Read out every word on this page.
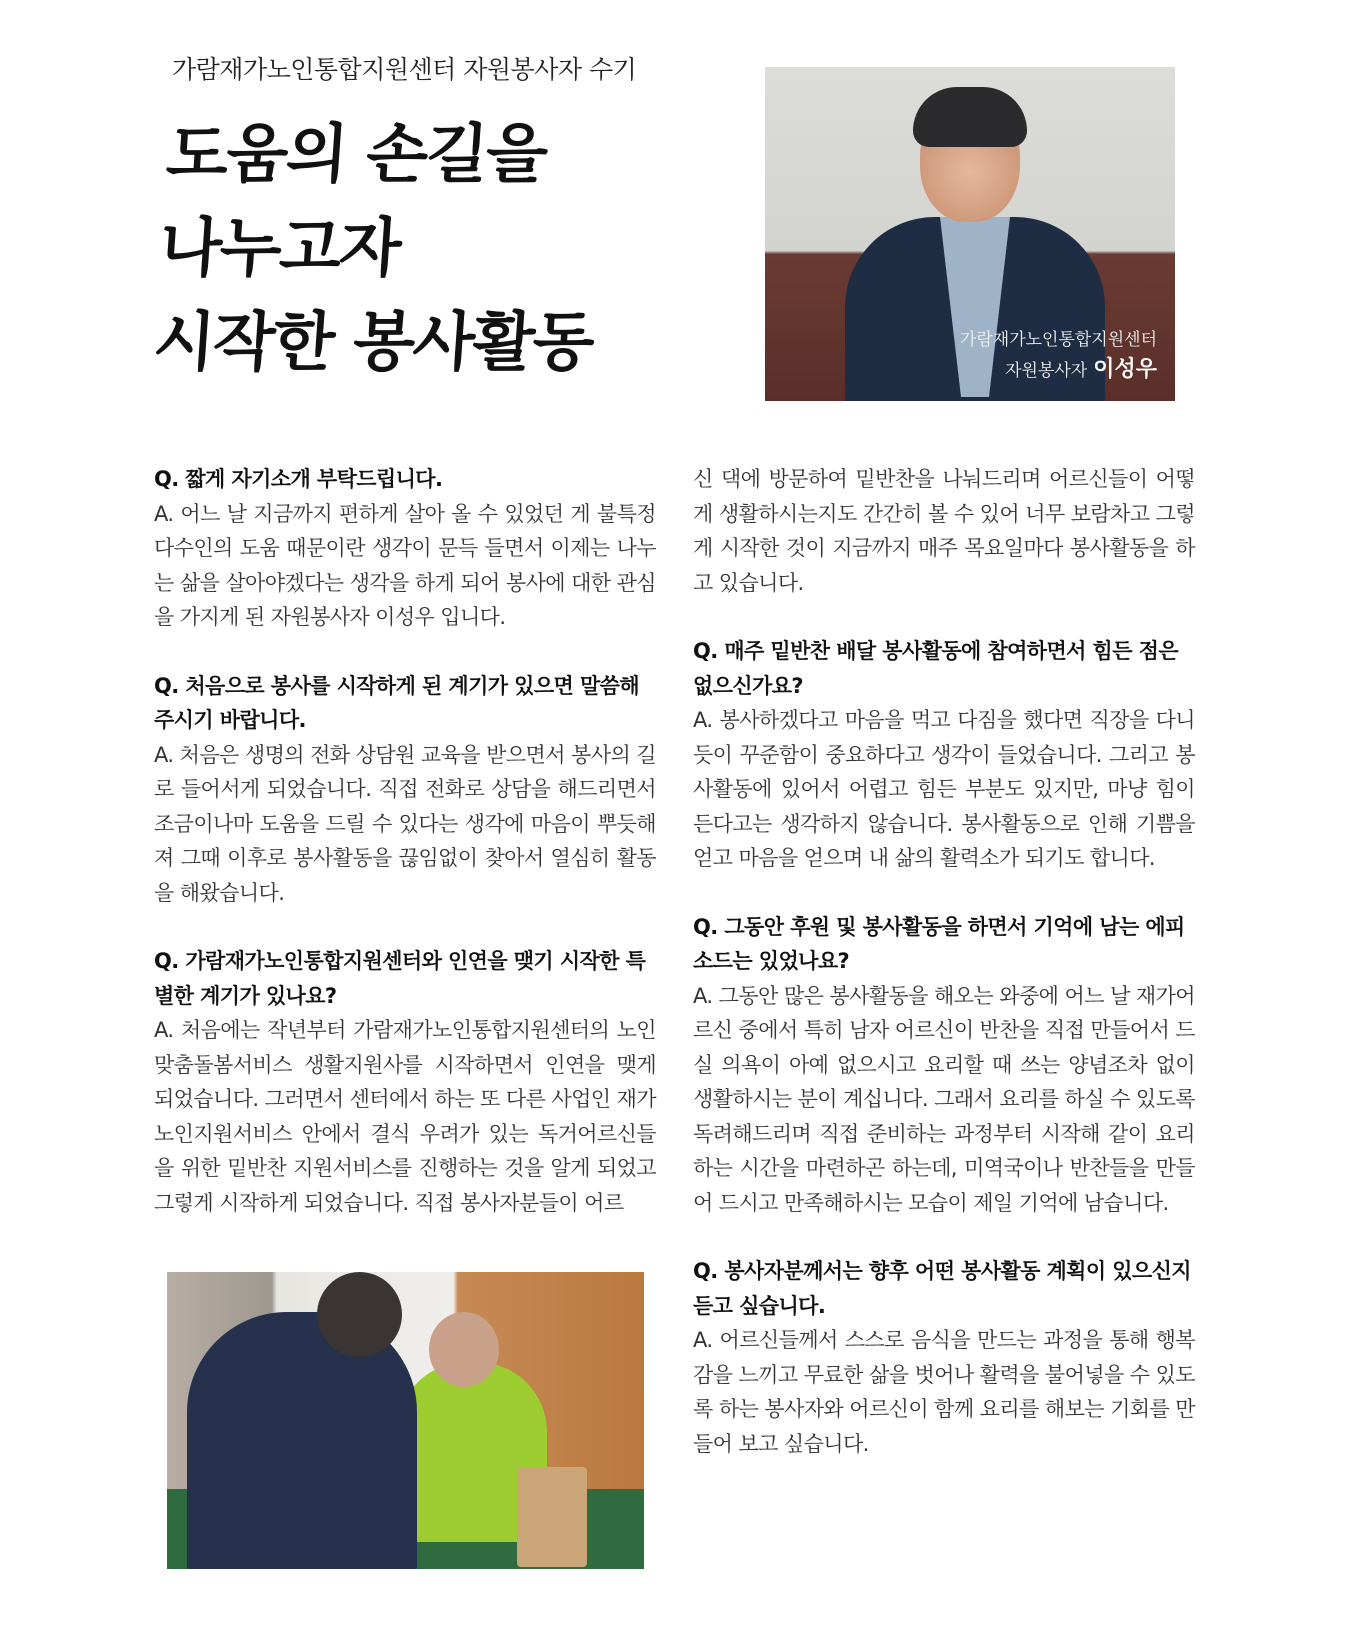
가람재가노인통합지원센터 자원봉사자 수기
도움의 손길을
나누고자
시작한 봉사활동	가람재가노인통합지원센터
자원봉사자 이성우
Q. 짧게 자기소개 부탁드립니다.
A. 어느 날 지금까지 편하게 살아 올 수 있었던 게 불특정 다수인의 도움 때문이란 생각이 문득 들면서 이제는 나누는 삶을 살아야겠다는 생각을 하게 되어 봉사에 대한 관심을 가지게 된 자원봉사자 이성우 입니다.
Q. 처음으로 봉사를 시작하게 된 계기가 있으면 말씀해주시기 바랍니다.
A. 처음은 생명의 전화 상담원 교육을 받으면서 봉사의 길로 들어서게 되었습니다. 직접 전화로 상담을 해드리면서 조금이나마 도움을 드릴 수 있다는 생각에 마음이 뿌듯해져 그때 이후로 봉사활동을 끊임없이 찾아서 열심히 활동을 해왔습니다.
Q. 가람재가노인통합지원센터와 인연을 맺기 시작한 특별한 계기가 있나요?
A. 처음에는 작년부터 가람재가노인통합지원센터의 노인맞춤돌봄서비스 생활지원사를 시작하면서 인연을 맺게 되었습니다. 그러면서 센터에서 하는 또 다른 사업인 재가노인지원서비스 안에서 결식 우려가 있는 독거어르신들을 위한 밑반찬 지원서비스를 진행하는 것을 알게 되었고 그렇게 시작하게 되었습니다. 직접 봉사자분들이 어르
신 댁에 방문하여 밑반찬을 나눠드리며 어르신들이 어떻게 생활하시는지도 간간히 볼 수 있어 너무 보람차고 그렇게 시작한 것이 지금까지 매주 목요일마다 봉사활동을 하고 있습니다.
Q. 매주 밑반찬 배달 봉사활동에 참여하면서 힘든 점은 없으신가요?
A. 봉사하겠다고 마음을 먹고 다짐을 했다면 직장을 다니듯이 꾸준함이 중요하다고 생각이 들었습니다. 그리고 봉사활동에 있어서 어렵고 힘든 부분도 있지만, 마냥 힘이 든다고는 생각하지 않습니다. 봉사활동으로 인해 기쁨을 얻고 마음을 얻으며 내 삶의 활력소가 되기도 합니다.
Q. 그동안 후원 및 봉사활동을 하면서 기억에 남는 에피소드는 있었나요?
A. 그동안 많은 봉사활동을 해오는 와중에 어느 날 재가어르신 중에서 특히 남자 어르신이 반찬을 직접 만들어서 드실 의욕이 아예 없으시고 요리할 때 쓰는 양념조차 없이 생활하시는 분이 계십니다. 그래서 요리를 하실 수 있도록 독려해드리며 직접 준비하는 과정부터 시작해 같이 요리하는 시간을 마련하곤 하는데, 미역국이나 반찬들을 만들어 드시고 만족해하시는 모습이 제일 기억에 남습니다.
Q. 봉사자분께서는 향후 어떤 봉사활동 계획이 있으신지 듣고 싶습니다.
A. 어르신들께서 스스로 음식을 만드는 과정을 통해 행복감을 느끼고 무료한 삶을 벗어나 활력을 불어넣을 수 있도록 하는 봉사자와 어르신이 함께 요리를 해보는 기회를 만들어 보고 싶습니다.
